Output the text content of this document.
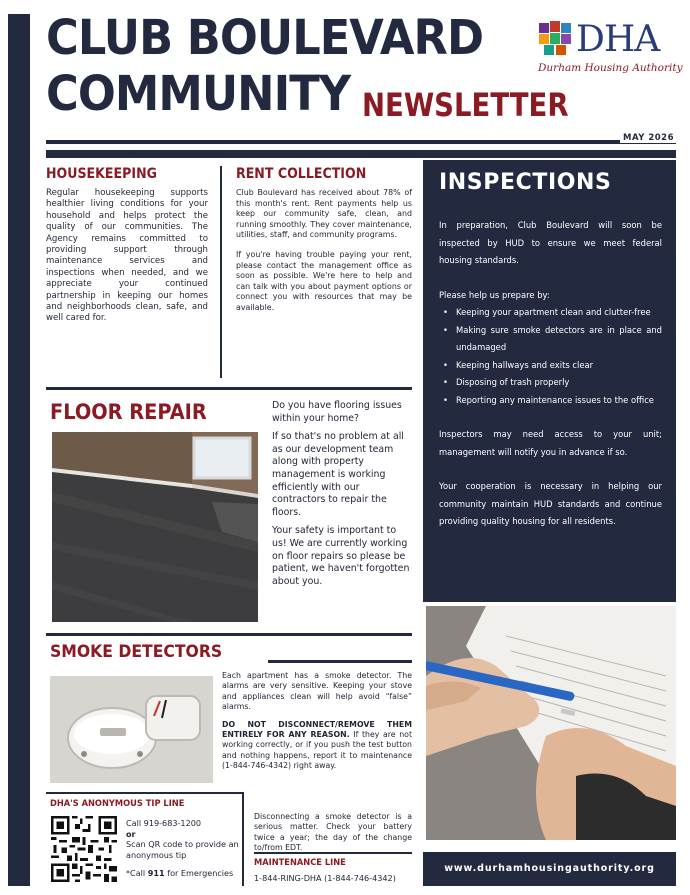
CLUB BOULEVARD
COMMUNITY NEWSLETTER
DHA
Durham Housing Authority
MAY 2026
HOUSEKEEPING

Regular housekeeping supports healthier living conditions for your household and helps protect the quality of our communities. The Agency remains committed to providing support through maintenance services and inspections when needed, and we appreciate your continued partnership in keeping our homes and neighborhoods clean, safe, and well cared for.

RENT COLLECTION

Club Boulevard has received about 78% of this month's rent. Rent payments help us keep our community safe, clean, and running smoothly. They cover maintenance, utilities, staff, and community programs.

If you're having trouble paying your rent, please contact the management office as soon as possible. We're here to help and can talk with you about payment options or connect you with resources that may be available.

INSPECTIONS

In preparation, Club Boulevard will soon be inspected by HUD to ensure we meet federal housing standards.

Please help us prepare by:

• Keeping your apartment clean and clutter-free
• Making sure smoke detectors are in place and undamaged
• Keeping hallways and exits clear
• Disposing of trash properly
• Reporting any maintenance issues to the office

Inspectors may need access to your unit; management will notify you in advance if so.

Your cooperation is necessary in helping our community maintain HUD standards and continue providing quality housing for all residents.

FLOOR REPAIR	Do you have flooring issues within your home?

If so that's no problem at all as our development team along with property management is working efficiently with our contractors to repair the floors.

Your safety is important to us! We are currently working on floor repairs so please be patient, we haven't forgotten about you.

SMOKE DETECTORS

Each apartment has a smoke detector. The alarms are very sensitive. Keeping your stove and appliances clean will help avoid “false” alarms.

DO NOT DISCONNECT/REMOVE THEM ENTIRELY FOR ANY REASON. If they are not working correctly, or if you push the test button and nothing happens, report it to maintenance (1-844-746-4342) right away.

DHA'S ANONYMOUS TIP LINE
Call 919-683-1200
or
Scan QR code to provide an anonymous tip
*Call 911 for Emergencies
Disconnecting a smoke detector is a serious matter. Check your battery twice a year; the day of the change to/from EDT.
MAINTENANCE LINE
1-844-RING-DHA (1-844-746-4342)
www.durhamhousingauthority.org
